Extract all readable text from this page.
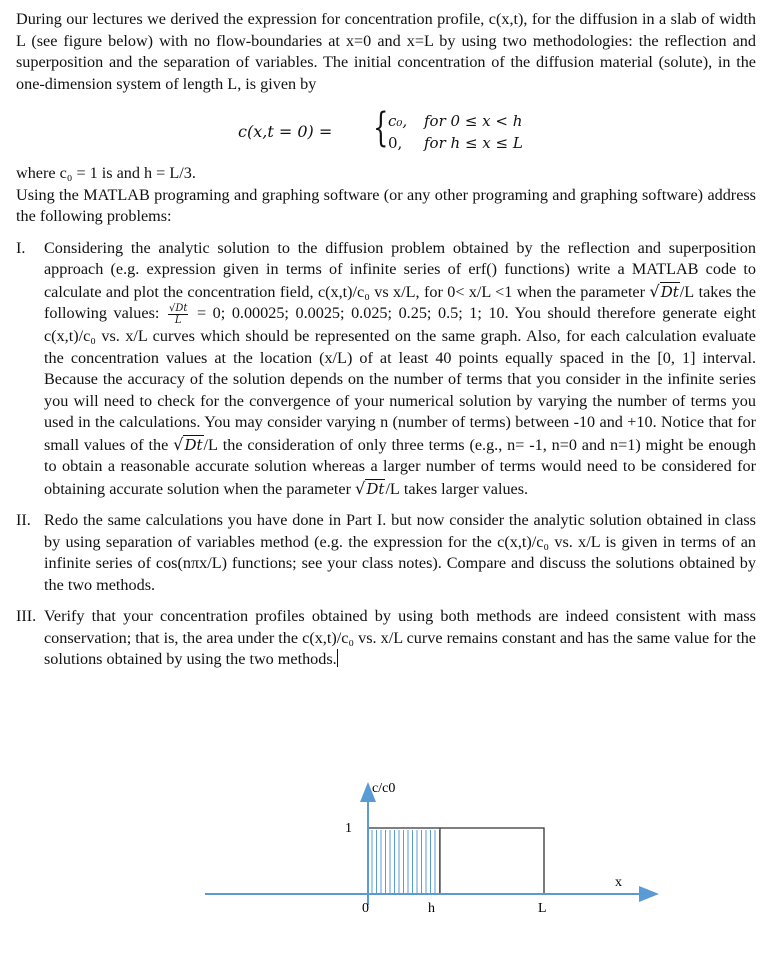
During our lectures we derived the expression for concentration profile, c(x,t), for the diffusion in a slab of width L (see figure below) with no flow-boundaries at x=0 and x=L by using two methodologies: the reflection and superposition and the separation of variables. The initial concentration of the diffusion material (solute), in the one-dimension system of length L, is given by

c(x,t = 0) = { c₀, for 0 ≤ x < h
0, for h ≤ x ≤ L

where c₀ = 1 is and h = L/3.

Using the MATLAB programing and graphing software (or any other programing and graphing software) address the following problems:

I. Considering the analytic solution to the diffusion problem obtained by the reflection and superposition approach (e.g. expression given in terms of infinite series of erf() functions) write a MATLAB code to calculate and plot the concentration field, c(x,t)/c₀ vs x/L, for 0< x/L <1 when the parameter √Dt/L takes the following values: $\frac{√Dt}{L} = 0$; 0.00025; 0.0025; 0.025; 0.25; 0.5; 1; 10. You should therefore generate eight c(x,t)/c₀ vs. x/L curves which should be represented on the same graph. Also, for each calculation evaluate the concentration values at the location (x/L) of at least 40 points equally spaced in the [0, 1] interval. Because the accuracy of the solution depends on the number of terms that you consider in the infinite series you will need to check for the convergence of your numerical solution by varying the number of terms you used in the calculations. You may consider varying n (number of terms) between -10 and +10. Notice that for small values of the √Dt/L the consideration of only three terms (e.g., n= -1, n=0 and n=1) might be enough to obtain a reasonable accurate solution whereas a larger number of terms would need to be considered for obtaining accurate solution when the parameter √Dt/L takes larger values.
II. Redo the same calculations you have done in Part I. but now consider the analytic solution obtained in class by using separation of variables method (e.g. the expression for the c(x,t)/c₀ vs. x/L is given in terms of an infinite series of cos(nπx/L) functions; see your class notes). Compare and discuss the solutions obtained by the two methods.
III. Verify that your concentration profiles obtained by using both methods are indeed consistent with mass conservation; that is, the area under the c(x,t)/c₀ vs. x/L curve remains constant and has the same value for the solutions obtained by using the two methods.
c/c0
1
x
0	h	L
